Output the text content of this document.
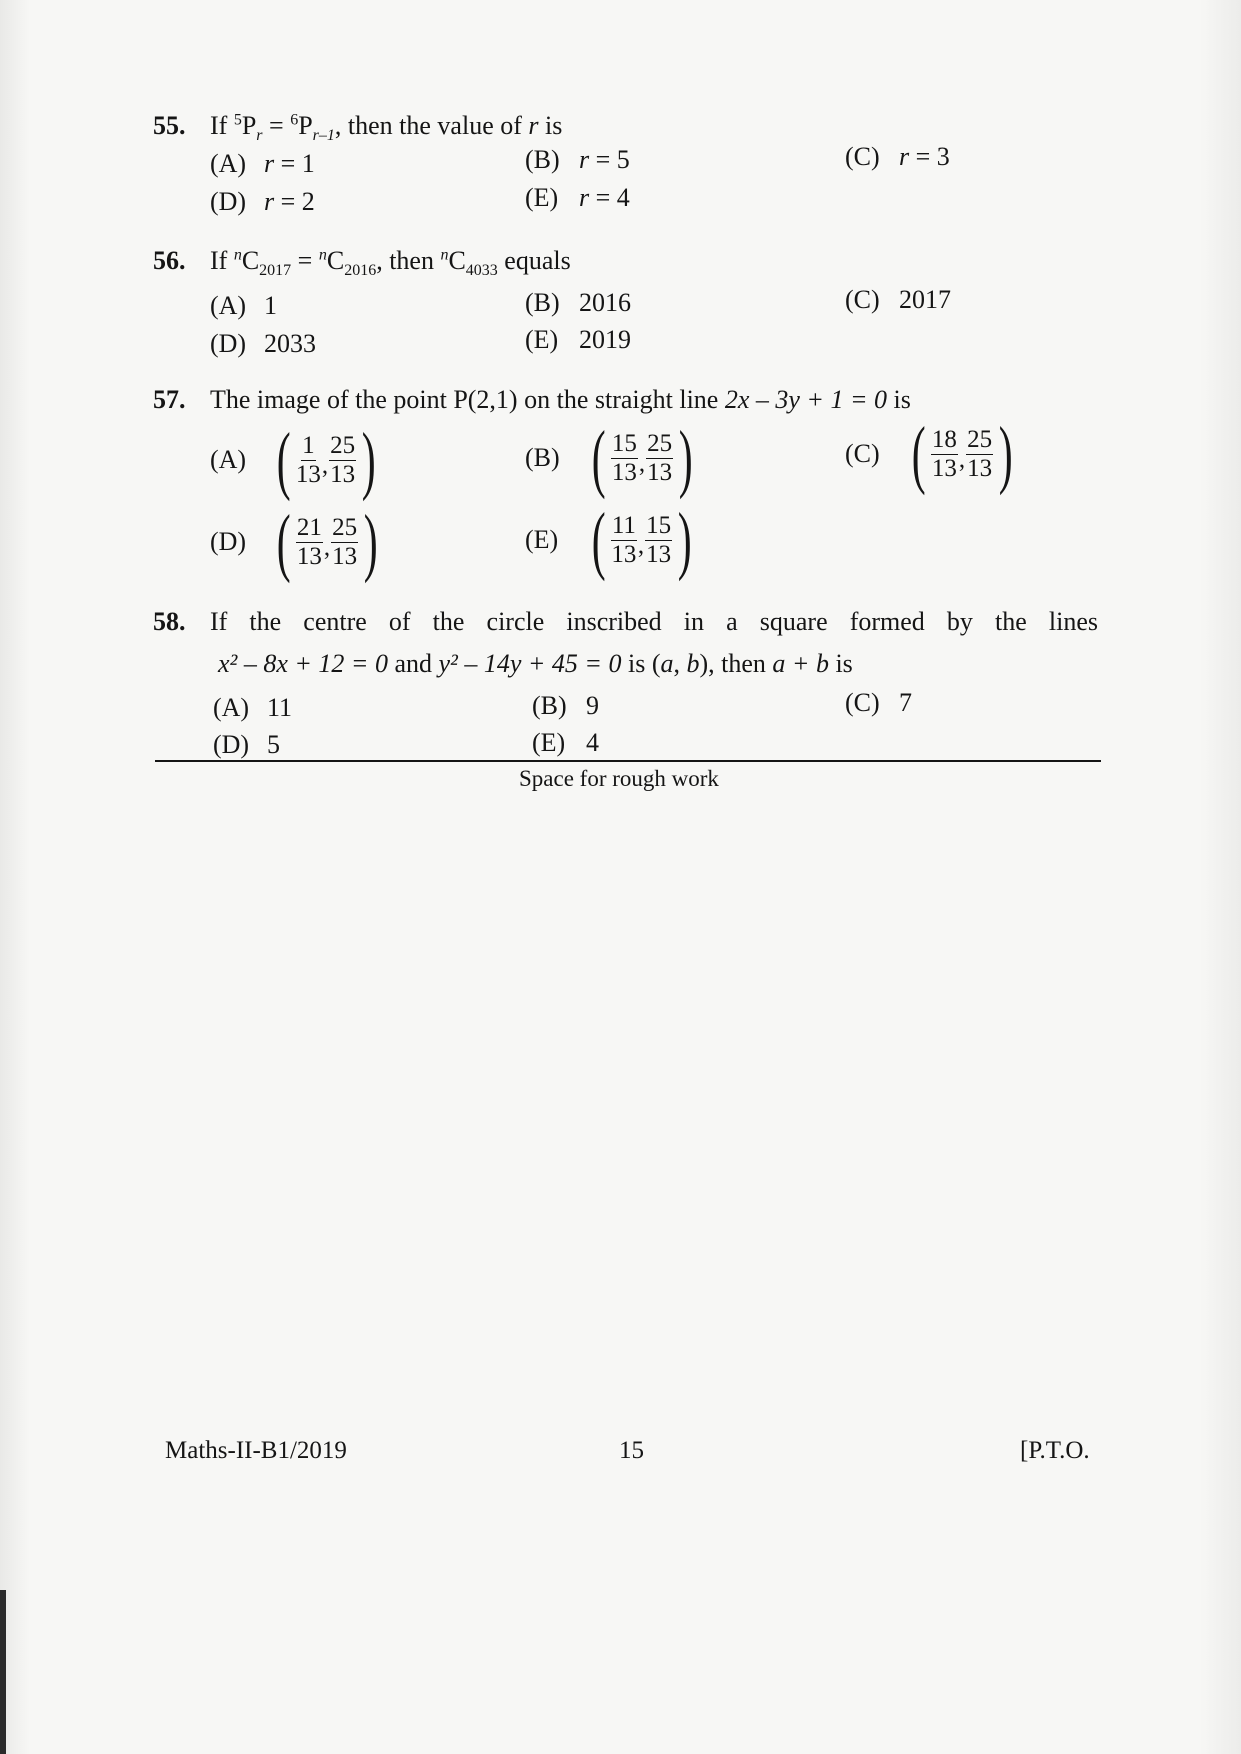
55. If $^5P_r = ^6P_{r-1}$, then the value of r is
(A) r = 1	(B) r = 5	(C) r = 3
(D) r = 2	(E) r = 4
56. If $^nC_{2017} = ^nC_{2016}$, then $^nC_{4033}$ equals
(A) 1	(B) 2016	(C) 2017
(D) 2033	(E) 2019
57. The image of the point P(2,1) on the straight line 2x – 3y + 1 = 0 is
(A) ( $\frac{1}{13}$ , $\frac{25}{13}$ )	(B) ( $\frac{15}{13}$ , $\frac{25}{13}$ )	(C) ( $\frac{18}{13}$ , $\frac{25}{13}$ )
(D) ( $\frac{21}{13}$ , $\frac{25}{13}$ )	(E) ( $\frac{11}{13}$ , $\frac{15}{13}$ )
58. If the centre of the circle inscribed in a square formed by the lines
x² – 8x + 12 = 0 and y² – 14y + 45 = 0 is (a, b), then a + b is
(A) 11	(B) 9	(C) 7
(D) 5	(E) 4
Space for rough work
Maths-II-B1/2019	15	[P.T.O.
